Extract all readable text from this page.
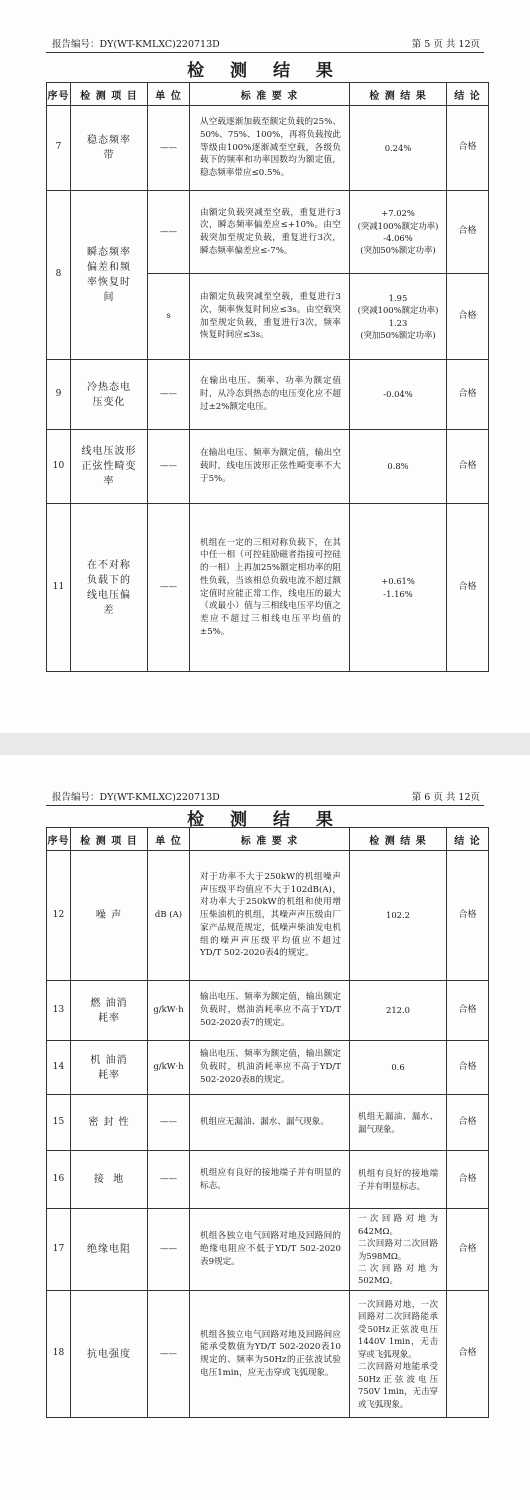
报告编号：DY(WT-KMLXC)220713D	第 5 页 共 12页
检 测 结 果
序号	检 测 项 目	单 位	标 准 要 求	检 测 结 果	结 论
7	稳态频率带	——	从空载逐渐加载至额定负载的25%、50%、75%、100%，再将负载按此等级由100%逐渐减至空载，各级负载下的频率和功率因数均为额定值，稳态频率带应≤0.5%。	0.24%	合格
8	瞬态频率偏差和频率恢复时间	——	由额定负载突减至空载，重复进行3次，瞬态频率偏差应≤+10%。由空载突加至规定负载，重复进行3次，瞬态频率偏差应≤-7%。	+7.02%
(突减100%额定功率)
-4.06%
(突加50%额定功率)	合格
		s	由额定负载突减至空载，重复进行3次，频率恢复时间应≤3s。由空载突加至规定负载，重复进行3次，频率恢复时间应≤3s。	1.95
(突减100%额定功率)
1.23
(突加50%额定功率)	合格
9	冷热态电压变化	——	在输出电压、频率、功率为额定值时，从冷态到热态的电压变化应不超过±2%额定电压。	-0.04%	合格
10	线电压波形正弦性畸变率	——	在输出电压、频率为额定值，输出空载时，线电压波形正弦性畸变率不大于5%。	0.8%	合格
11	在不对称负载下的线电压偏差	——	机组在一定的三相对称负载下，在其中任一相（可控硅励磁者指接可控硅的一相）上再加25%额定相功率的阻性负载，当该相总负载电流不超过额定值时应能正常工作，线电压的最大（或最小）值与三相线电压平均值之差应不超过三相线电压平均值的±5%。	+0.61%
-1.16%	合格
报告编号：DY(WT-KMLXC)220713D	第 6 页 共 12页
检 测 结 果
序号	检 测 项 目	单 位	标 准 要 求	检 测 结 果	结 论
12	噪 声	dB (A)	对于功率不大于250kW的机组噪声声压级平均值应不大于102dB(A)，对功率大于250kW的机组和使用增压柴油机的机组，其噪声声压级由厂家产品规范规定，低噪声柴油发电机组的噪声声压级平均值应不超过YD/T 502-2020表4的规定。	102.2	合格
13	燃 油消耗率	g/kW·h	输出电压、频率为额定值，输出额定负载时，燃油消耗率应不高于YD/T 502-2020表7的规定。	212.0	合格
14	机 油消耗率	g/kW·h	输出电压、频率为额定值，输出额定负载时，机油消耗率应不高于YD/T 502-2020表8的规定。	0.6	合格
15	密 封 性	——	机组应无漏油、漏水、漏气现象。	机组无漏油、漏水、漏气现象。	合格
16	接  地	——	机组应有良好的接地端子并有明显的标志。	机组有良好的接地端子并有明显标志。	合格
17	绝缘电阻	——	机组各独立电气回路对地及回路间的绝缘电阻应不低于YD/T 502-2020表9规定。	一次回路对地为642MΩ。
二次回路对二次回路为598MΩ。
二次回路对地为502MΩ。	合格
18	抗电强度	——	机组各独立电气回路对地及回路间应能承受数值为YD/T 502-2020表10规定的、频率为50Hz的正弦波试验电压1min，应无击穿或飞弧现象。	一次回路对地，一次回路对二次回路能承受50Hz正弦波电压1440V 1min，无击穿或飞弧现象。
二次回路对地能承受50Hz正弦波电压750V 1min，无击穿或飞弧现象。	合格
